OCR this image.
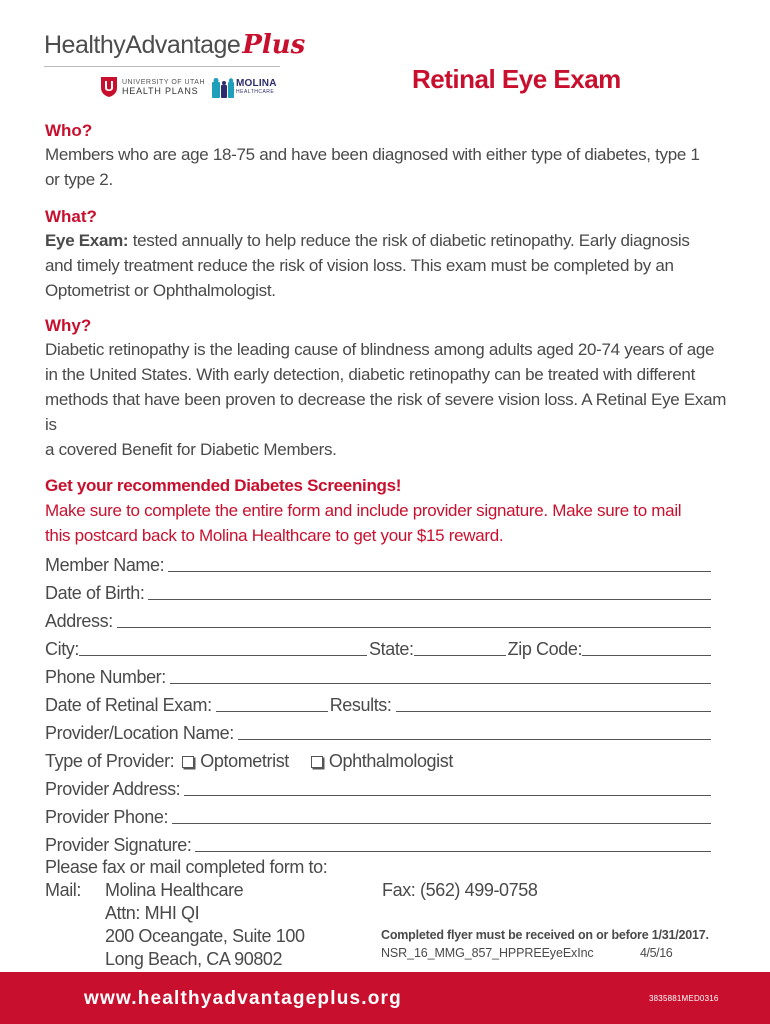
Healthy Advantage Plus
UNIVERSITY OF UTAH
HEALTH PLANS
MOLINA
HEALTHCARE	Retinal Eye Exam
Who?
Members who are age 18-75 and have been diagnosed with either type of diabetes, type 1
or type 2.
What?
Eye Exam: tested annually to help reduce the risk of diabetic retinopathy. Early diagnosis
and timely treatment reduce the risk of vision loss. This exam must be completed by an
Optometrist or Ophthalmologist.
Why?
Diabetic retinopathy is the leading cause of blindness among adults aged 20-74 years of age
in the United States. With early detection, diabetic retinopathy can be treated with different
methods that have been proven to decrease the risk of severe vision loss. A Retinal Eye Exam is
a covered Benefit for Diabetic Members.
Get your recommended Diabetes Screenings!
Make sure to complete the entire form and include provider signature. Make sure to mail
this postcard back to Molina Healthcare to get your $15 reward.
Member Name:
Date of Birth:
Address:
City:	State:	Zip Code:
Phone Number:
Date of Retinal Exam:	Results:
Provider/Location Name:
Type of Provider: Optometrist Ophthalmologist
Provider Address:
Provider Phone:
Provider Signature:
Please fax or mail completed form to:
Mail: Molina Healthcare
Attn: MHI QI
200 Oceangate, Suite 100
Long Beach, CA 90802
Fax: (562) 499-0758
Completed flyer must be received on or before 1/31/2017.
NSR_16_MMG_857_HPPREEyeExInc	4/5/16
www.healthyadvantageplus.org	3835881MED0316
